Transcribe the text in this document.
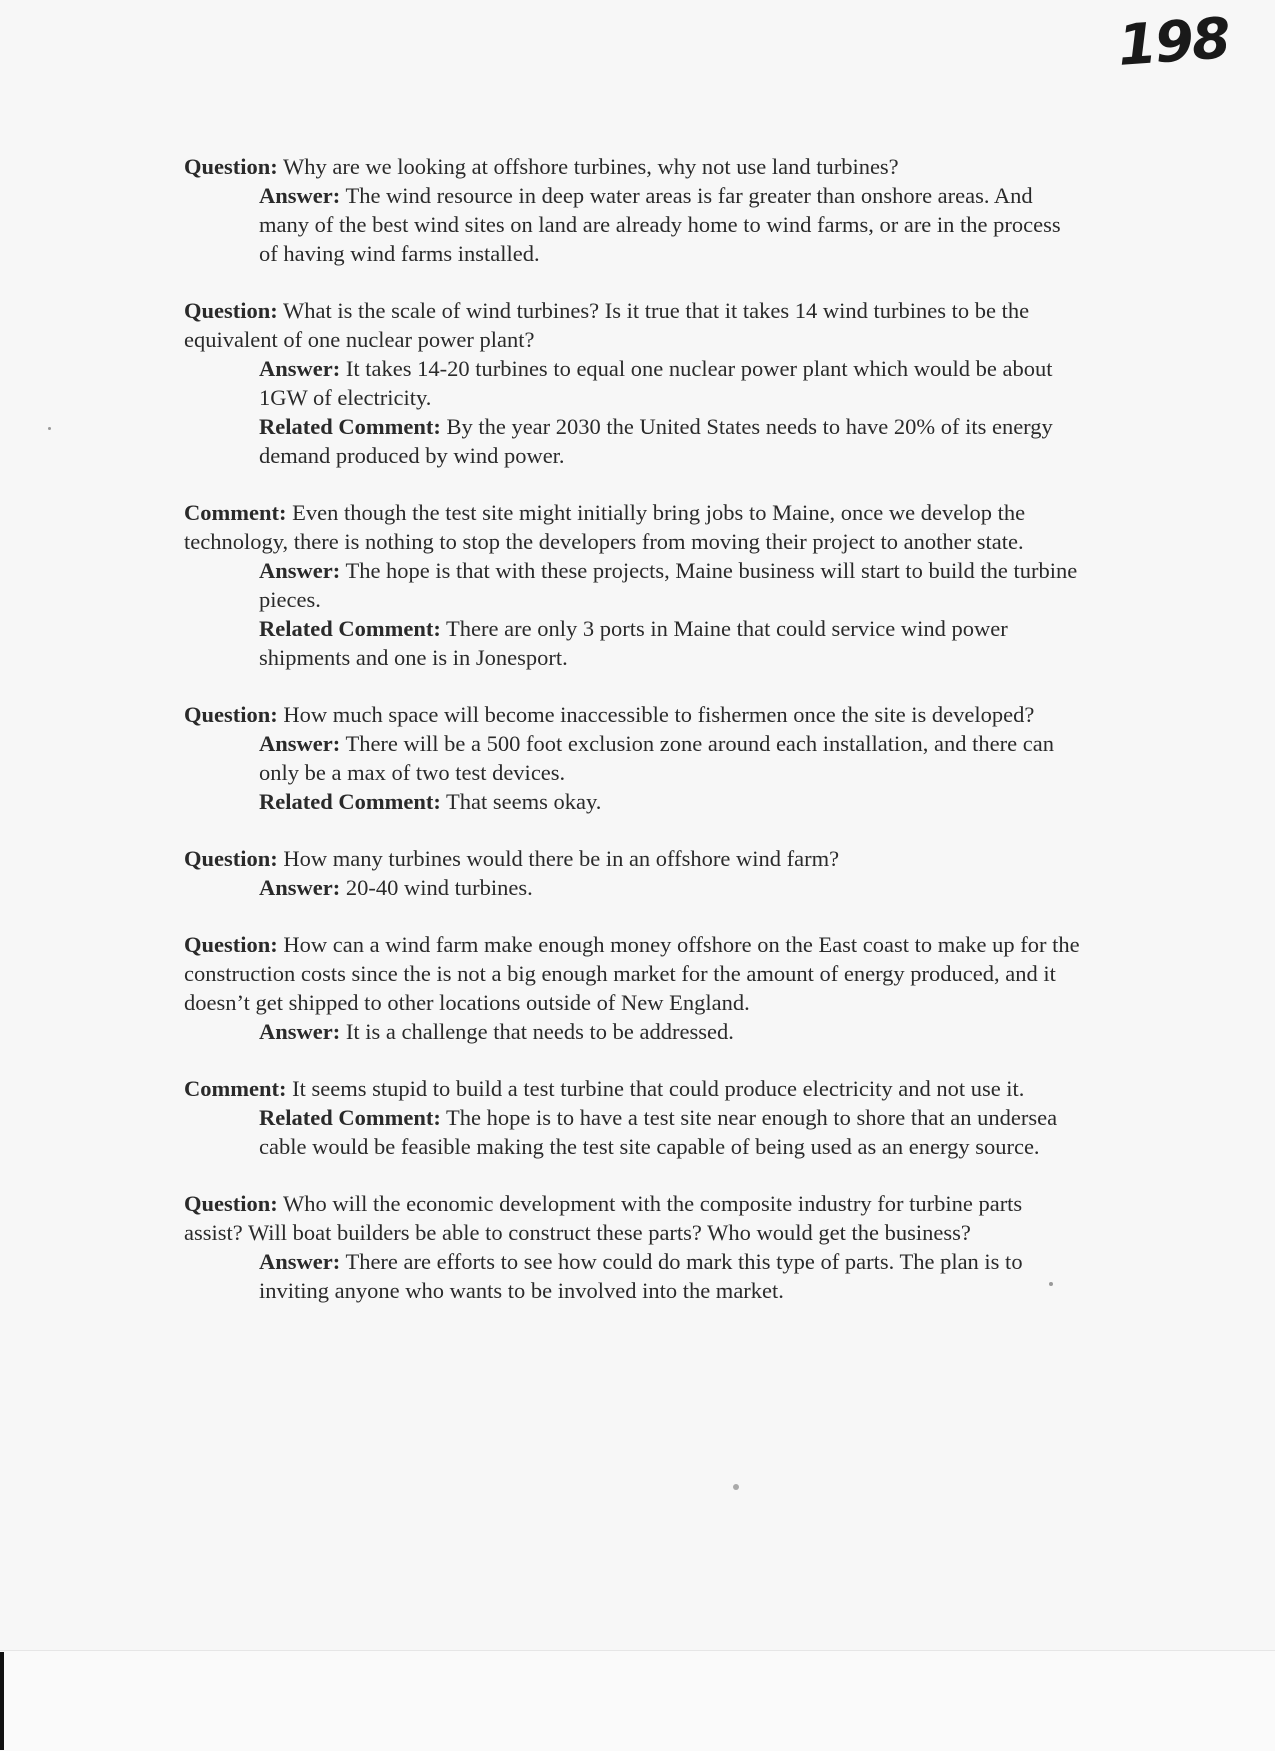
198

Question: Why are we looking at offshore turbines, why not use land turbines?

Answer: The wind resource in deep water areas is far greater than onshore areas. And many of the best wind sites on land are already home to wind farms, or are in the process of having wind farms installed.

Question: What is the scale of wind turbines? Is it true that it takes 14 wind turbines to be the equivalent of one nuclear power plant?

Answer: It takes 14-20 turbines to equal one nuclear power plant which would be about 1GW of electricity.

Related Comment: By the year 2030 the United States needs to have 20% of its energy demand produced by wind power.

Comment: Even though the test site might initially bring jobs to Maine, once we develop the technology, there is nothing to stop the developers from moving their project to another state.

Answer: The hope is that with these projects, Maine business will start to build the turbine pieces.

Related Comment: There are only 3 ports in Maine that could service wind power shipments and one is in Jonesport.

Question: How much space will become inaccessible to fishermen once the site is developed?

Answer: There will be a 500 foot exclusion zone around each installation, and there can only be a max of two test devices.

Related Comment: That seems okay.

Question: How many turbines would there be in an offshore wind farm?

Answer: 20-40 wind turbines.

Question: How can a wind farm make enough money offshore on the East coast to make up for the construction costs since the is not a big enough market for the amount of energy produced, and it doesn’t get shipped to other locations outside of New England.

Answer: It is a challenge that needs to be addressed.

Comment: It seems stupid to build a test turbine that could produce electricity and not use it.

Related Comment: The hope is to have a test site near enough to shore that an undersea cable would be feasible making the test site capable of being used as an energy source.

Question: Who will the economic development with the composite industry for turbine parts assist? Will boat builders be able to construct these parts? Who would get the business?

Answer: There are efforts to see how could do mark this type of parts. The plan is to inviting anyone who wants to be involved into the market.
